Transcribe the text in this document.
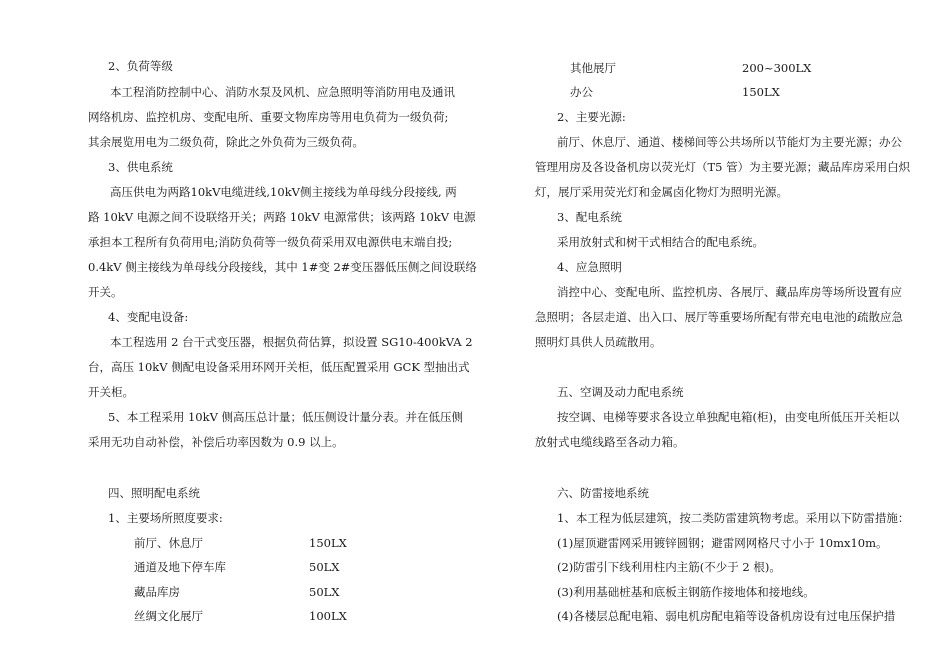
2、负荷等级
本工程消防控制中心、消防水泵及风机、应急照明等消防用电及通讯
网络机房、监控机房、变配电所、重要文物库房等用电负荷为一级负荷;
其余展览用电为二级负荷，除此之外负荷为三级负荷。
3、供电系统
高压供电为两路10kV电缆进线,10kV侧主接线为单母线分段接线, 两
路 10kV 电源之间不设联络开关；两路 10kV 电源常供；该两路 10kV 电源
承担本工程所有负荷用电;消防负荷等一级负荷采用双电源供电末端自投;
0.4kV 侧主接线为单母线分段接线，其中 1#变 2#变压器低压侧之间设联络
开关。
4、变配电设备:
本工程选用 2 台干式变压器，根据负荷估算，拟设置 SG10-400kVA 2
台，高压 10kV 侧配电设备采用环网开关柜，低压配置采用 GCK 型抽出式
开关柜。
5、本工程采用 10kV 侧高压总计量；低压侧设计量分表。并在低压侧
采用无功自动补偿，补偿后功率因数为 0.9 以上。
四、照明配电系统
1、主要场所照度要求:
前厅、休息厅	150LX
通道及地下停车库	50LX
藏品库房	50LX
丝绸文化展厅	100LX
其他展厅	200~300LX
办公	150LX
2、主要光源:
前厅、休息厅、通道、楼梯间等公共场所以节能灯为主要光源；办公
管理用房及各设备机房以荧光灯（T5 管）为主要光源；藏品库房采用白炽
灯，展厅采用荧光灯和金属卤化物灯为照明光源。
3、配电系统
采用放射式和树干式相结合的配电系统。
4、应急照明
消控中心、变配电所、监控机房、各展厅、藏品库房等场所设置有应
急照明；各层走道、出入口、展厅等重要场所配有带充电电池的疏散应急
照明灯具供人员疏散用。
五、空调及动力配电系统
按空调、电梯等要求各设立单独配电箱(柜)，由变电所低压开关柜以
放射式电缆线路至各动力箱。
六、防雷接地系统
1、本工程为低层建筑，按二类防雷建筑物考虑。采用以下防雷措施：
(1)屋顶避雷网采用镀锌圆钢；避雷网网格尺寸小于 10mx10m。
(2)防雷引下线利用柱内主筋(不少于 2 根)。
(3)利用基础桩基和底板主钢筋作接地体和接地线。
(4)各楼层总配电箱、弱电机房配电箱等设备机房设有过电压保护措
